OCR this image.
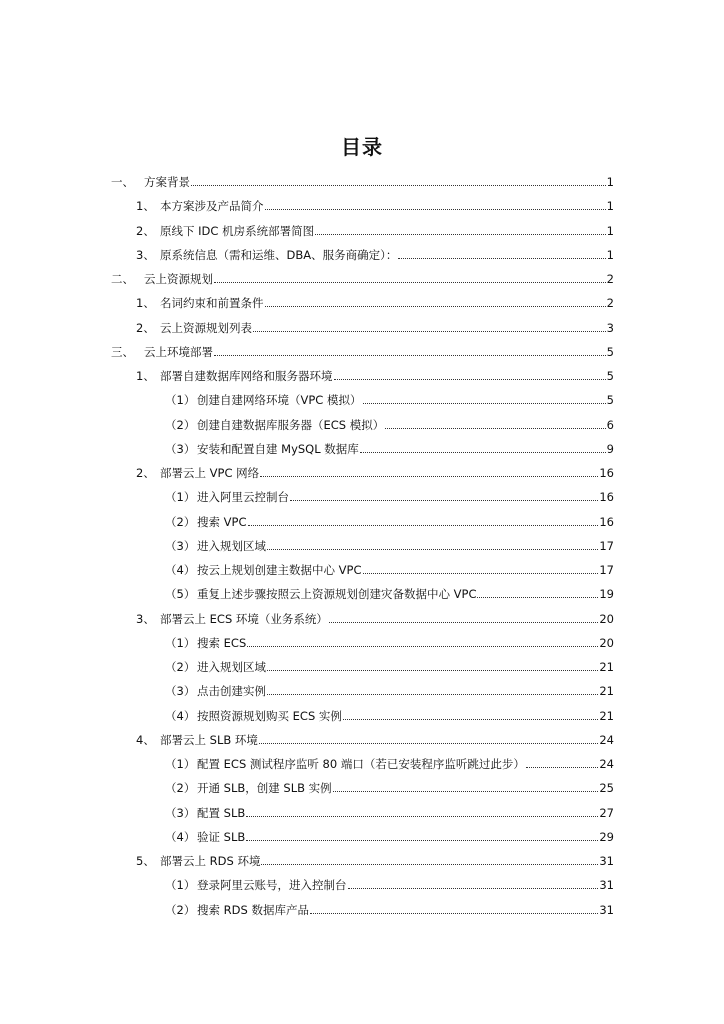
目录
一、 方案背景	1
1、 本方案涉及产品简介	1
2、 原线下 IDC 机房系统部署简图	1
3、 原系统信息（需和运维、DBA、服务商确定）：	1
二、 云上资源规划	2
1、 名词约束和前置条件	2
2、 云上资源规划列表	3
三、 云上环境部署	5
1、 部署自建数据库网络和服务器环境	5
（1） 创建自建网络环境（VPC 模拟）	5
（2） 创建自建数据库服务器（ECS 模拟）	6
（3） 安装和配置自建 MySQL 数据库	9
2、 部署云上 VPC 网络	16
（1） 进入阿里云控制台	16
（2） 搜索 VPC	16
（3） 进入规划区域	17
（4） 按云上规划创建主数据中心 VPC	17
（5） 重复上述步骤按照云上资源规划创建灾备数据中心 VPC	19
3、 部署云上 ECS 环境（业务系统）	20
（1） 搜索 ECS	20
（2） 进入规划区域	21
（3） 点击创建实例	21
（4） 按照资源规划购买 ECS 实例	21
4、 部署云上 SLB 环境	24
（1） 配置 ECS 测试程序监听 80 端口（若已安装程序监听跳过此步）	24
（2） 开通 SLB，创建 SLB 实例	25
（3） 配置 SLB	27
（4） 验证 SLB	29
5、 部署云上 RDS 环境	31
（1） 登录阿里云账号，进入控制台	31
（2） 搜索 RDS 数据库产品	31
